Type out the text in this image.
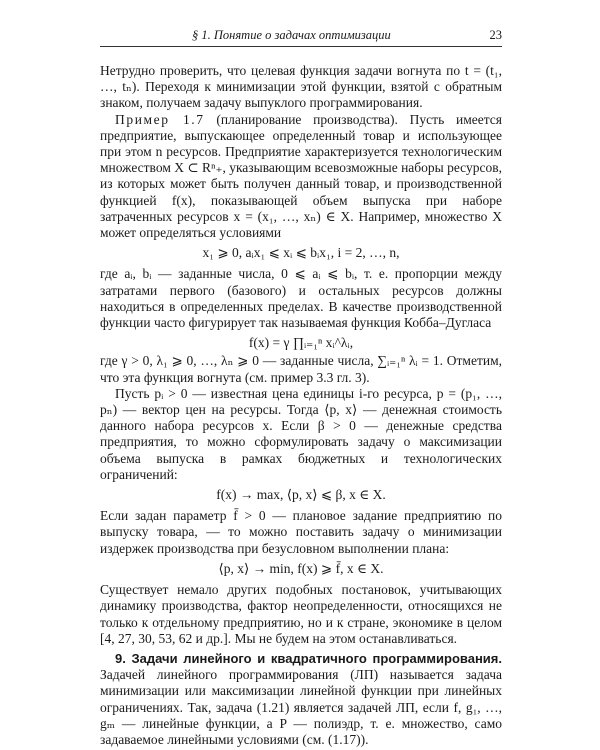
§ 1. Понятие о задачах оптимизации	23

Нетрудно проверить, что целевая функция задачи вогнута по t = (t₁, …, tₙ). Переходя к минимизации этой функции, взятой с обратным знаком, получаем задачу выпуклого программирования.

Пример 1.7 (планирование производства). Пусть имеется предприятие, выпускающее определенный товар и использующее при этом n ресурсов. Предприятие характеризуется технологическим множеством X ⊂ Rⁿ₊, указывающим всевозможные наборы ресурсов, из которых может быть получен данный товар, и производственной функцией f(x), показывающей объем выпуска при наборе затраченных ресурсов x = (x₁, …, xₙ) ∈ X. Например, множество X может определяться условиями

x₁ ⩾ 0, aᵢx₁ ⩽ xᵢ ⩽ bᵢx₁, i = 2, …, n,

где aᵢ, bᵢ — заданные числа, 0 ⩽ aᵢ ⩽ bᵢ, т. е. пропорции между затратами первого (базового) и остальных ресурсов должны находиться в определенных пределах. В качестве производственной функции часто фигурирует так называемая функция Кобба–Дугласа

f(x) = γ ∏ᵢ₌₁ⁿ xᵢ^λᵢ,

где γ > 0, λ₁ ⩾ 0, …, λₙ ⩾ 0 — заданные числа, ∑ᵢ₌₁ⁿ λᵢ = 1. Отметим, что эта функция вогнута (см. пример 3.3 гл. 3).

Пусть pᵢ > 0 — известная цена единицы i-го ресурса, p = (p₁, …, pₙ) — вектор цен на ресурсы. Тогда ⟨p, x⟩ — денежная стоимость данного набора ресурсов x. Если β > 0 — денежные средства предприятия, то можно сформулировать задачу о максимизации объема выпуска в рамках бюджетных и технологических ограничений:

f(x) → max, ⟨p, x⟩ ⩽ β, x ∈ X.

Если задан параметр f̄ > 0 — плановое задание предприятию по выпуску товара, — то можно поставить задачу о минимизации издержек производства при безусловном выполнении плана:

⟨p, x⟩ → min, f(x) ⩾ f̄, x ∈ X.

Существует немало других подобных постановок, учитывающих динамику производства, фактор неопределенности, относящихся не только к отдельному предприятию, но и к стране, экономике в целом [4, 27, 30, 53, 62 и др.]. Мы не будем на этом останавливаться.

9. Задачи линейного и квадратичного программирования. Задачей линейного программирования (ЛП) называется задача минимизации или максимизации линейной функции при линейных ограничениях. Так, задача (1.21) является задачей ЛП, если f, g₁, …, gₘ — линейные функции, а P — полиэдр, т. е. множество, само задаваемое линейными условиями (см. (1.17)).
